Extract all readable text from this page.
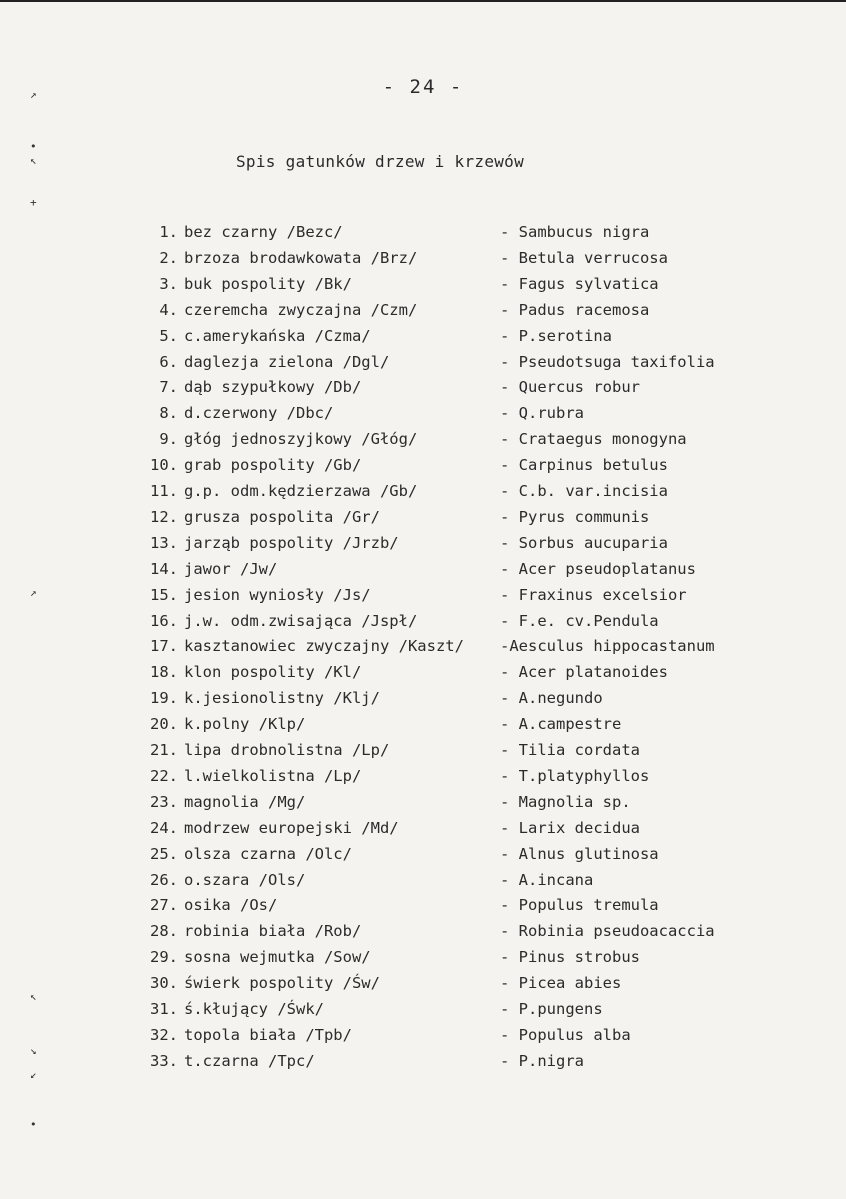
↗
•
↖
+
↗
↖
↘
↙
•
- 24 -
Spis gatunków drzew i krzewów
1. bez czarny /Bezc/	- Sambucus nigra
2. brzoza brodawkowata /Brz/	- Betula verrucosa
3. buk pospolity /Bk/	- Fagus sylvatica
4. czeremcha zwyczajna /Czm/	- Padus racemosa
5. c.amerykańska /Czma/	- P.serotina
6. daglezja zielona /Dgl/	- Pseudotsuga taxifolia
7. dąb szypułkowy /Db/	- Quercus robur
8. d.czerwony /Dbc/	- Q.rubra
9. głóg jednoszyjkowy /Głóg/	- Crataegus monogyna
10. grab pospolity /Gb/	- Carpinus betulus
11. g.p. odm.kędzierzawa /Gb/	- C.b. var.incisia
12. grusza pospolita /Gr/	- Pyrus communis
13. jarząb pospolity /Jrzb/	- Sorbus aucuparia
14. jawor /Jw/	- Acer pseudoplatanus
15. jesion wyniosły /Js/	- Fraxinus excelsior
16. j.w. odm.zwisająca /Jspł/	- F.e. cv.Pendula
17. kasztanowiec zwyczajny /Kaszt/ -Aesculus hippocastanum
18. klon pospolity /Kl/	- Acer platanoides
19. k.jesionolistny /Klj/	- A.negundo
20. k.polny /Klp/	- A.campestre
21. lipa drobnolistna /Lp/	- Tilia cordata
22. l.wielkolistna /Lp/	- T.platyphyllos
23. magnolia /Mg/	- Magnolia sp.
24. modrzew europejski /Md/	- Larix decidua
25. olsza czarna /Olc/	- Alnus glutinosa
26. o.szara /Ols/	- A.incana
27. osika /Os/	- Populus tremula
28. robinia biała /Rob/	- Robinia pseudoacaccia
29. sosna wejmutka /Sow/	- Pinus strobus
30. świerk pospolity /Św/	- Picea abies
31. ś.kłujący /Śwk/	- P.pungens
32. topola biała /Tpb/	- Populus alba
33. t.czarna /Tpc/	- P.nigra
